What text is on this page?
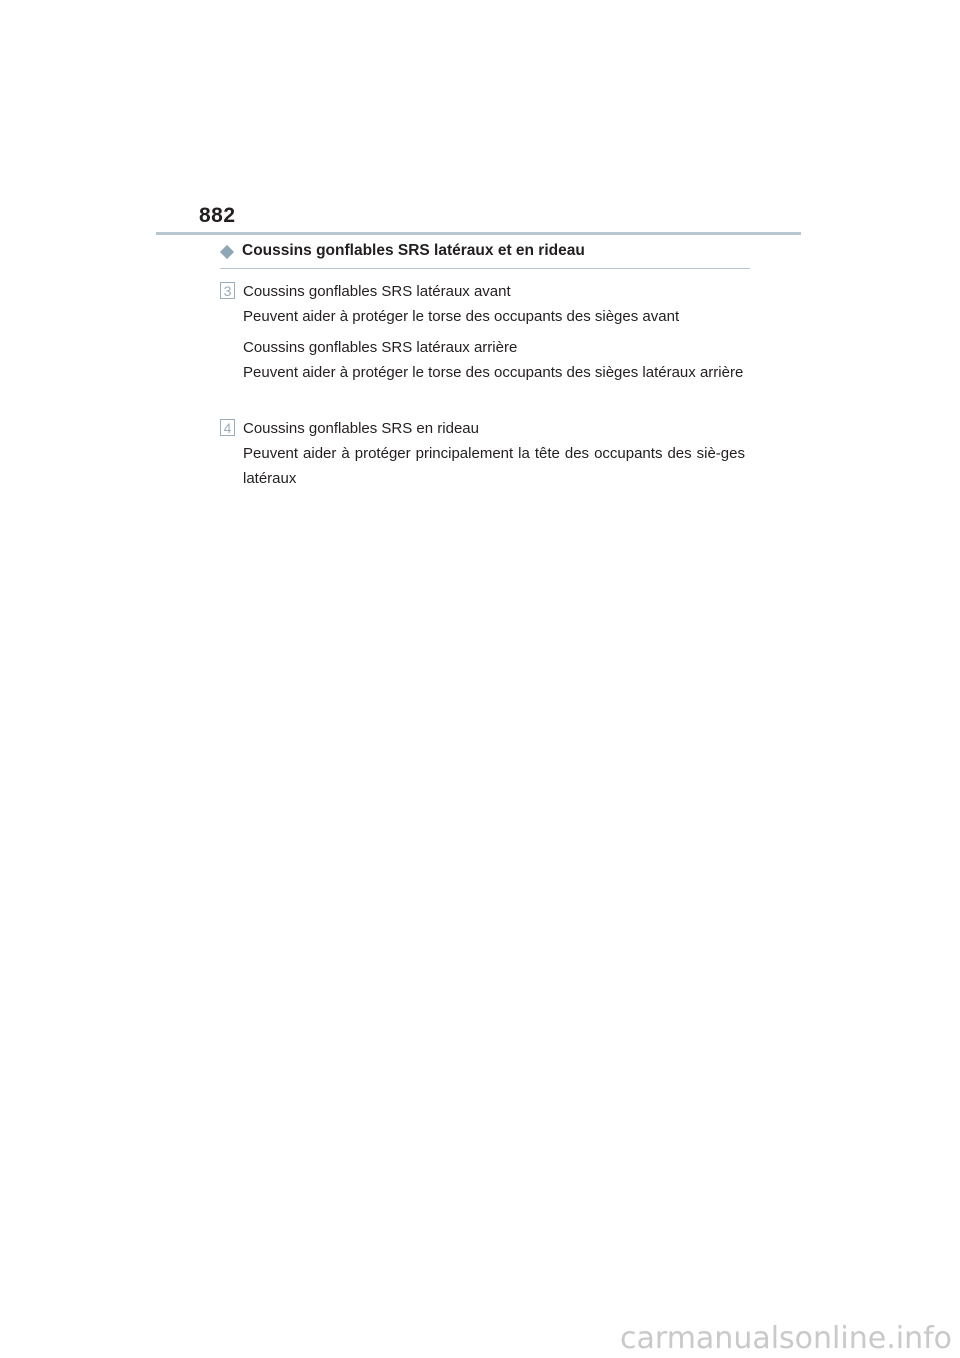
882
Coussins gonflables SRS latéraux et en rideau
3 Coussins gonflables SRS latéraux avant

Peuvent aider à protéger le torse des occupants des sièges avant

Coussins gonflables SRS latéraux arrière

Peuvent aider à protéger le torse des occupants des sièges latéraux arrière

4 Coussins gonflables SRS en rideau

Peuvent aider à protéger principalement la tête des occupants des siè-ges latéraux

carmanualsonline.info
